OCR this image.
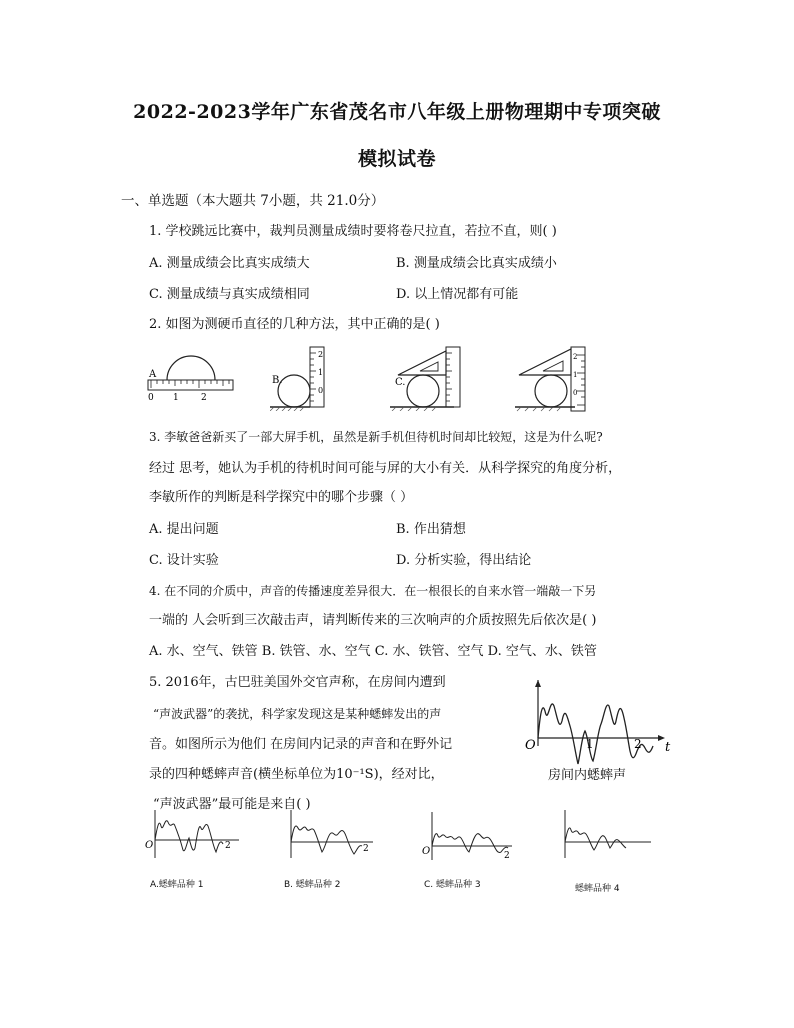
2022-2023学年广东省茂名市八年级上册物理期中专项突破
模拟试卷
一、单选题（本大题共 7小题，共 21.0分）
1. 学校跳远比赛中，裁判员测量成绩时要将卷尺拉直，若拉不直，则( )
A. 测量成绩会比真实成绩大	B. 测量成绩会比真实成绩小
C. 测量成绩与真实成绩相同	D. 以上情况都有可能
2. 如图为测硬币直径的几种方法，其中正确的是( )
A
0 1 2
B.
2
1
0
C.
2
1
0
3. 李敏爸爸新买了一部大屏手机，虽然是新手机但待机时间却比较短，这是为什么呢?
经过 思考，她认为手机的待机时间可能与屏的大小有关．从科学探究的角度分析，
李敏所作的判断是科学探究中的哪个步骤（ ）
A. 提出问题	B. 作出猜想
C. 设计实验	D. 分析实验，得出结论
4. 在不同的介质中，声音的传播速度差异很大．在一根很长的自来水管一端敲一下另
一端的 人会听到三次敲击声，请判断传来的三次响声的介质按照先后依次是( )
A. 水、空气、铁管 B. 铁管、水、空气 C. 水、铁管、空气 D. 空气、水、铁管
5. 2016年，古巴驻美国外交官声称，在房间内遭到
“声波武器”的袭扰，科学家发现这是某种蟋蟀发出的声
音。如图所示为他们 在房间内记录的声音和在野外记
录的四种蟋蟀声音(横坐标单位为10⁻¹S)，经对比，
“声波武器”最可能是来自( )
O	t
1	2
房间内蟋蟀声
O	2	2	O	2
A.蟋蟀品种 1	B. 蟋蟀品种 2	C. 蟋蟀品种 3	蟋蟀品种 4
